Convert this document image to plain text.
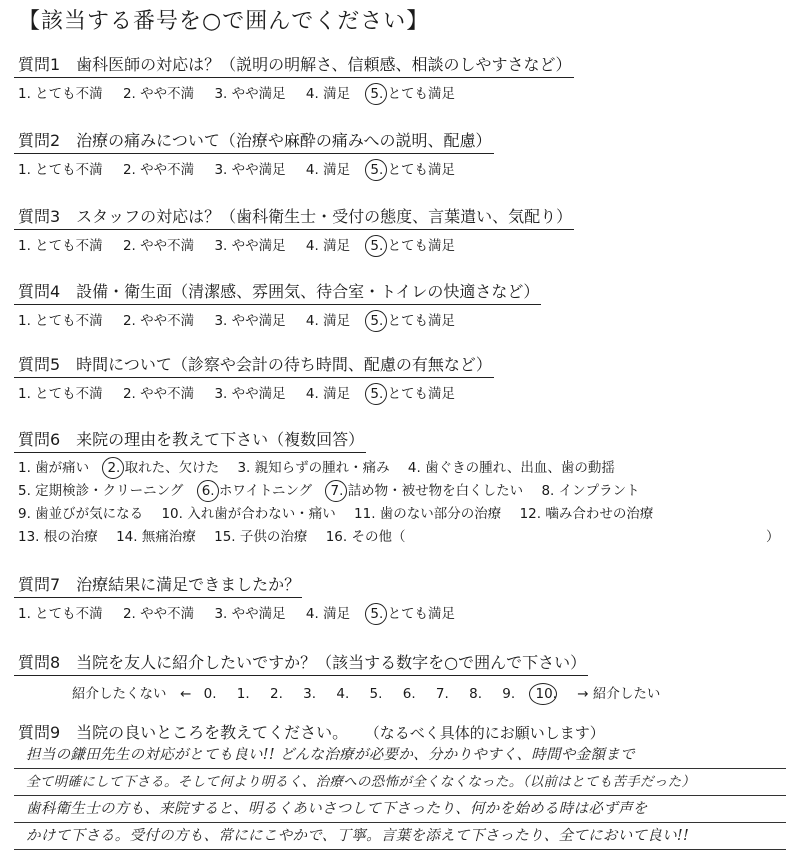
【該当する番号を○で囲んでください】
質問1　歯科医師の対応は？（説明の明解さ、信頼感、相談のしやすさなど）
1. とても不満 2. やや不満 3. やや満足 4. 満足 5. とても満足
質問2　治療の痛みについて（治療や麻酔の痛みへの説明、配慮）
1. とても不満 2. やや不満 3. やや満足 4. 満足 5. とても満足
質問3　スタッフの対応は？（歯科衛生士・受付の態度、言葉遣い、気配り）
1. とても不満 2. やや不満 3. やや満足 4. 満足 5. とても満足
質問4　設備・衛生面（清潔感、雰囲気、待合室・トイレの快適さなど）
1. とても不満 2. やや不満 3. やや満足 4. 満足 5. とても満足
質問5　時間について（診察や会計の待ち時間、配慮の有無など）
1. とても不満 2. やや不満 3. やや満足 4. 満足 5. とても満足
質問6　来院の理由を教えて下さい（複数回答）
1. 歯が痛い 2. 取れた、欠けた 3. 親知らずの腫れ・痛み 4. 歯ぐきの腫れ、出血、歯の動揺
5. 定期検診・クリーニング 6. ホワイトニング 7. 詰め物・被せ物を白くしたい 8. インプラント
9. 歯並びが気になる 10. 入れ歯が合わない・痛い 11. 歯のない部分の治療 12. 噛み合わせの治療
13. 根の治療 14. 無痛治療 15. 子供の治療 16. その他（	）
質問7　治療結果に満足できましたか？
1. とても不満 2. やや不満 3. やや満足 4. 満足 5. とても満足
質問8　当院を友人に紹介したいですか？（該当する数字を○で囲んで下さい）
紹介したくない　← 0. 1. 2. 3. 4. 5. 6. 7. 8. 9. 10. → 紹介したい
質問9　当院の良いところを教えてください。 （なるべく具体的にお願いします）
担当の鎌田先生の対応がとても良い!! どんな治療が必要か、分かりやすく、時間や金額まで
全て明確にして下さる。そして何より明るく、治療への恐怖が全くなくなった。（以前はとても苦手だった）
歯科衛生士の方も、来院すると、明るくあいさつして下さったり、何かを始める時は必ず声を
かけて下さる。受付の方も、常ににこやかで、丁寧。言葉を添えて下さったり、全てにおいて良い!!
